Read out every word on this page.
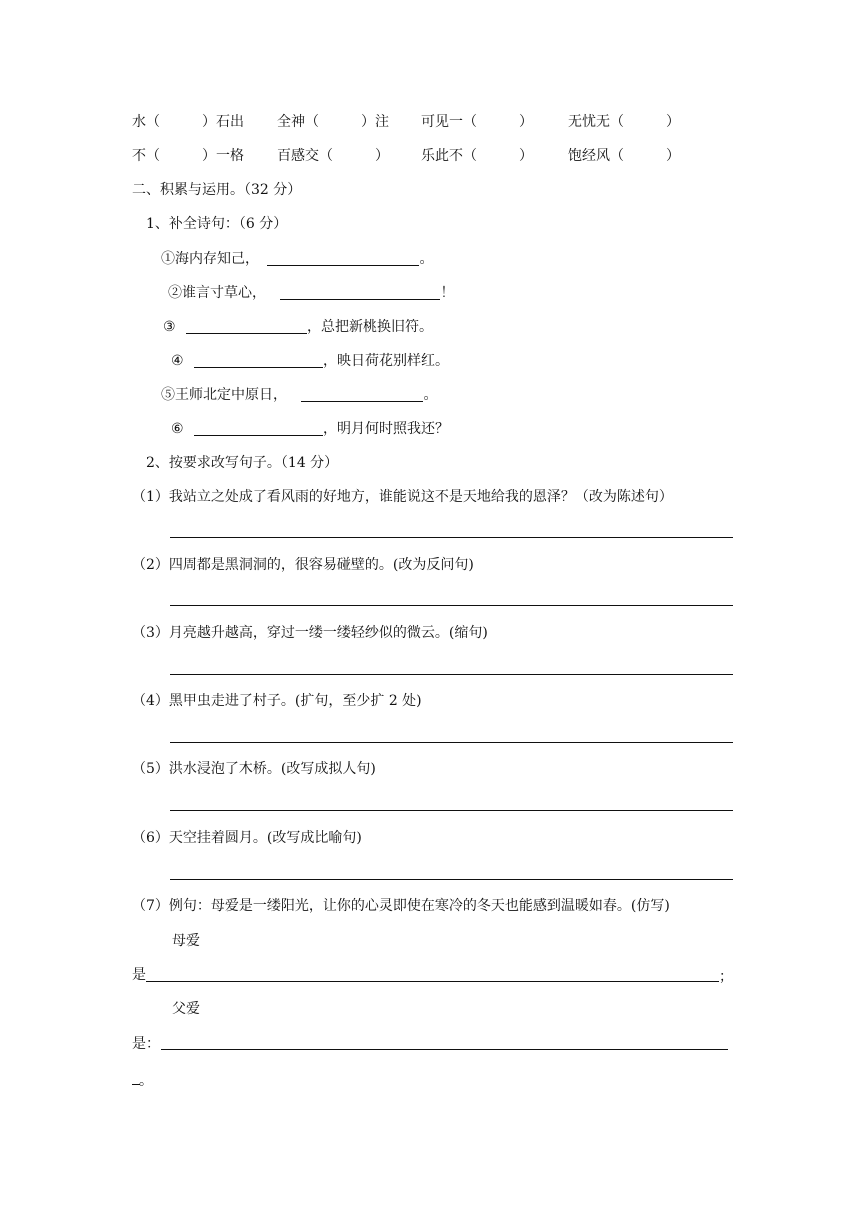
水（　　　）石出 全神（　　　）注 可见一（　　　）	无忧无（　　　）
不（　　　）一格 百感交（　　　） 乐此不（　　　）	饱经风（　　　）
二、积累与运用。（32 分）
1、补全诗句：（6 分）
①海内存知己，	。
②谁言寸草心，	！
③	，总把新桃换旧符。
④	，映日荷花别样红。
⑤王师北定中原日，	。
⑥	，明月何时照我还？
2、按要求改写句子。（14 分）
（1）我站立之处成了看风雨的好地方，谁能说这不是天地给我的恩泽？（改为陈述句）
（2）四周都是黑洞洞的，很容易碰壁的。(改为反问句)
（3）月亮越升越高，穿过一缕一缕轻纱似的微云。(缩句)
（4）黑甲虫走进了村子。(扩句，至少扩 2 处)
（5）洪水浸泡了木桥。(改写成拟人句)
（6）天空挂着圆月。(改写成比喻句)
（7）例句：母爱是一缕阳光，让你的心灵即使在寒冷的冬天也能感到温暖如春。(仿写)
母爱
是	；
父爱
是：
。
